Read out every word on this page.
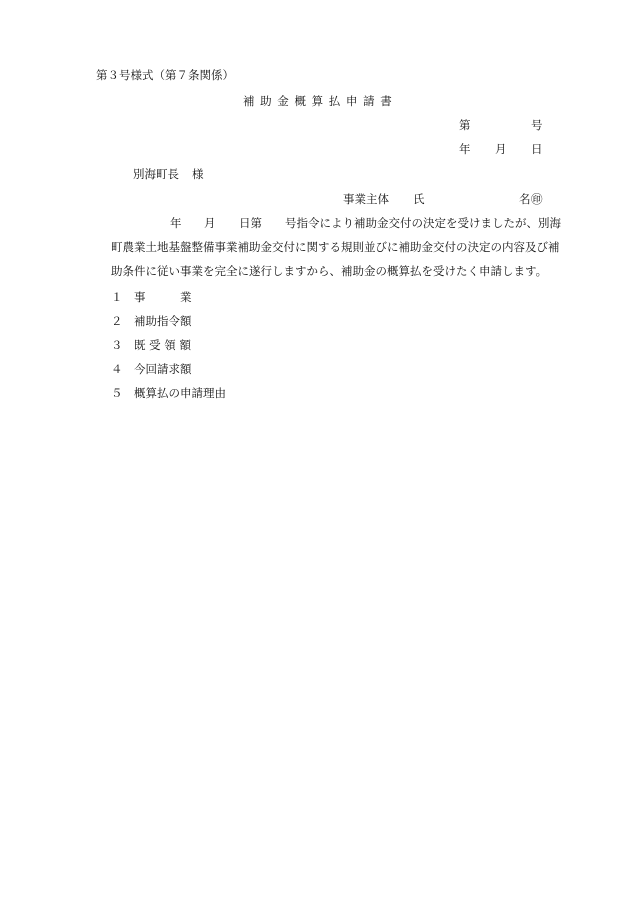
第３号様式（第７条関係）
補 助 金 概 算 払 申 請 書
第	号
年 月 日
別海町長 様
事業主体 氏	名 ㊞
年 月 日第 号指令により補助金交付の決定を受けましたが、別海
町農業土地基盤整備事業補助金交付に関する規則並びに補助金交付の決定の内容及び補
助条件に従い事業を完全に遂行しますから、補助金の概算払を受けたく申請します。
１ 事　　　業
２ 補助指令額
３ 既 受 領 額
４ 今回請求額
５ 概算払の申請理由
